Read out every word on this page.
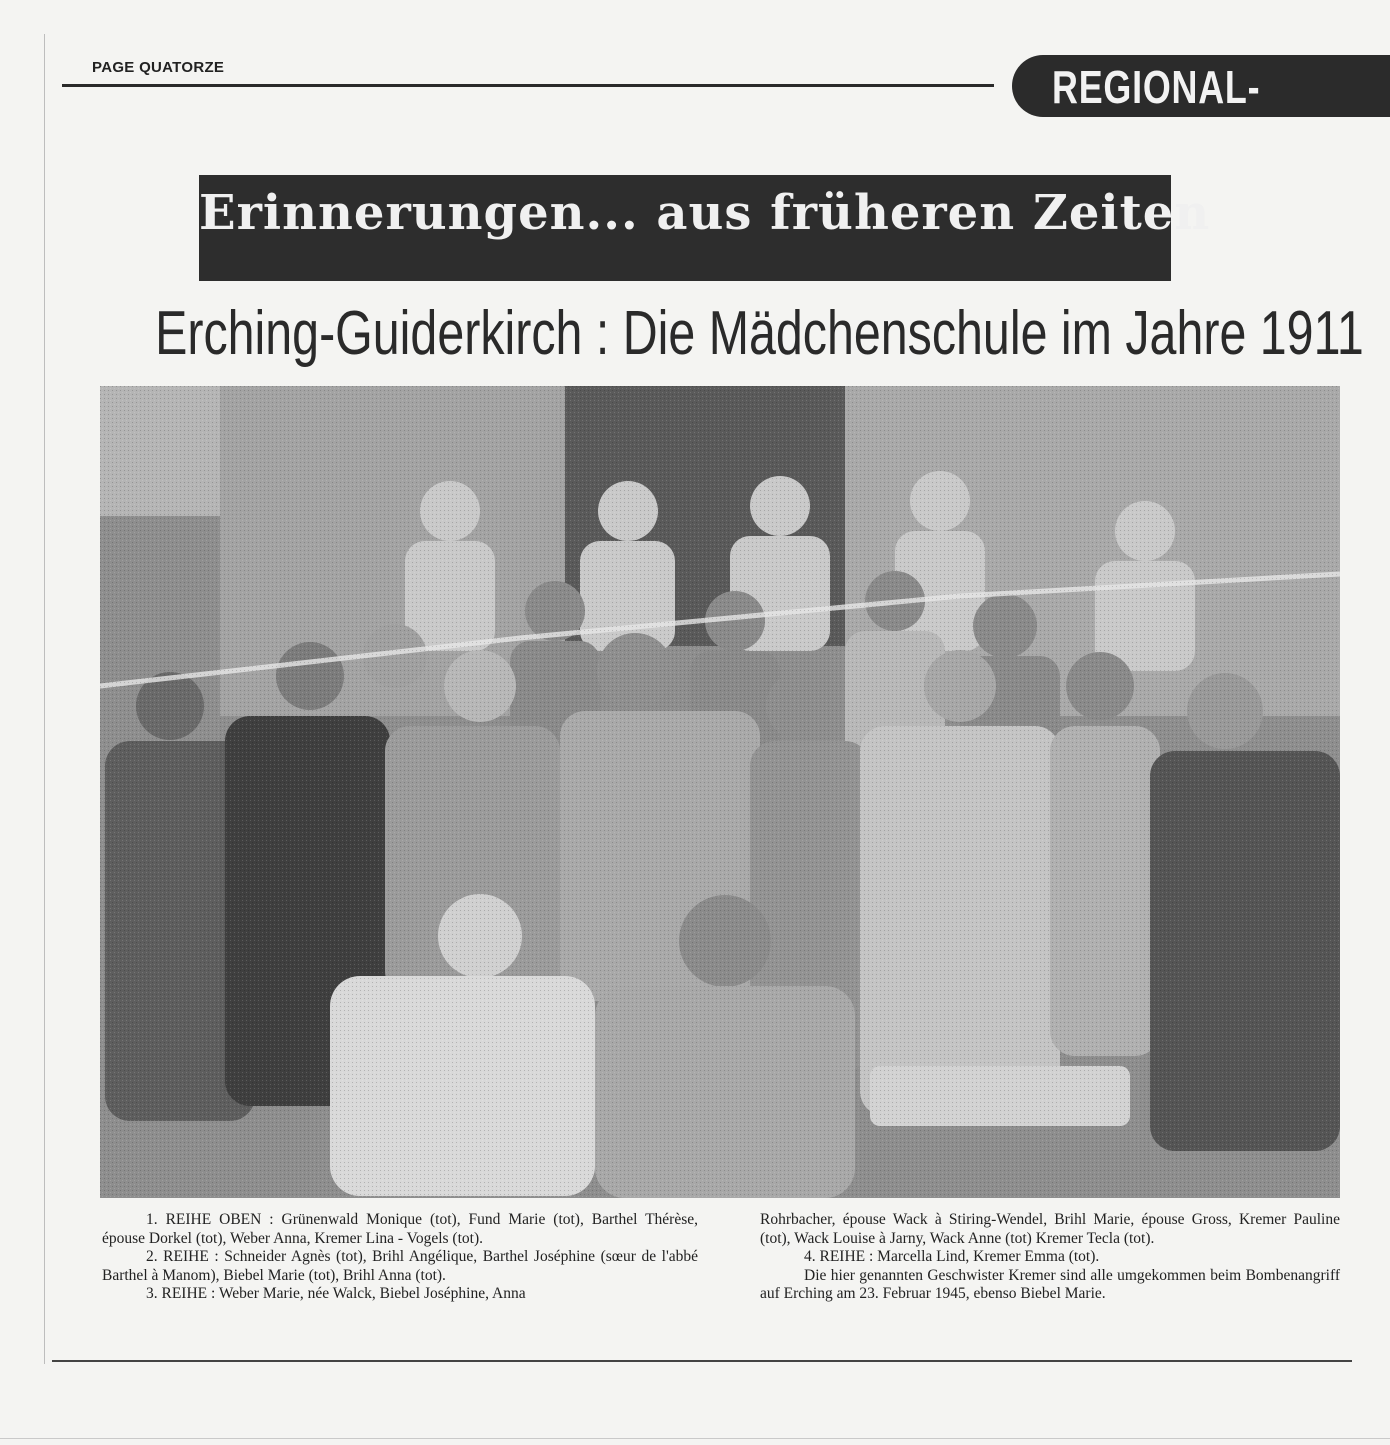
PAGE QUATORZE	REGIONAL-
Erinnerungen... aus früheren Zeiten
Erching-Guiderkirch : Die Mädchenschule im Jahre 1911

1. REIHE OBEN : Grünenwald Monique (tot), Fund Marie (tot), Barthel Thérèse, épouse Dorkel (tot), Weber Anna, Kremer Lina - Vogels (tot).

2. REIHE : Schneider Agnès (tot), Brihl Angélique, Barthel Joséphine (sœur de l'abbé Barthel à Manom), Biebel Marie (tot), Brihl Anna (tot).

3. REIHE : Weber Marie, née Walck, Biebel Joséphine, Anna

Rohrbacher, épouse Wack à Stiring-Wendel, Brihl Marie, épouse Gross, Kremer Pauline (tot), Wack Louise à Jarny, Wack Anne (tot) Kremer Tecla (tot).

4. REIHE : Marcella Lind, Kremer Emma (tot).

Die hier genannten Geschwister Kremer sind alle umgekommen beim Bombenangriff auf Erching am 23. Februar 1945, ebenso Biebel Marie.
